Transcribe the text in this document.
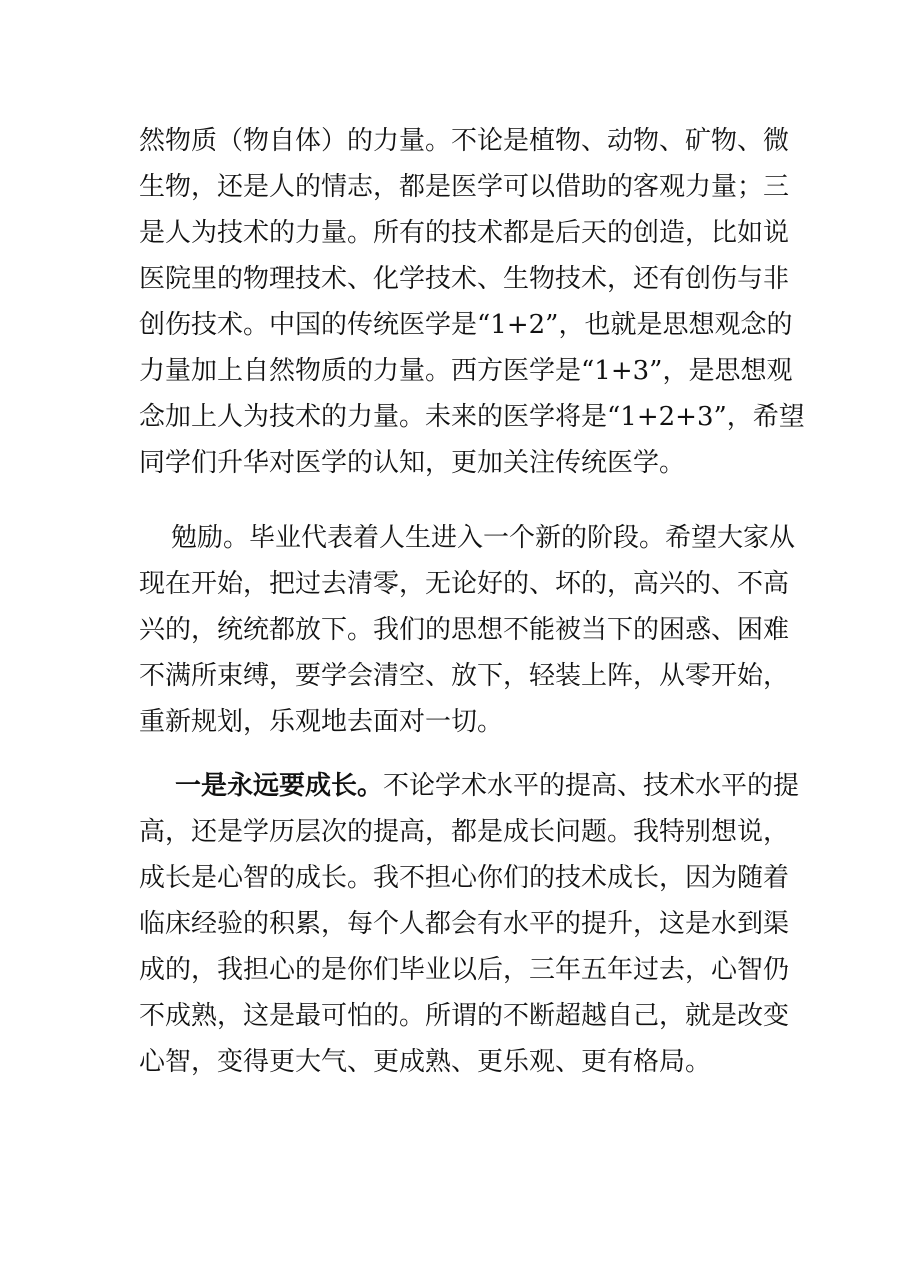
然物质（物自体）的力量。不论是植物、动物、矿物、微
生物，还是人的情志，都是医学可以借助的客观力量；三
是人为技术的力量。所有的技术都是后天的创造，比如说
医院里的物理技术、化学技术、生物技术，还有创伤与非
创伤技术。中国的传统医学是“1+2”，也就是思想观念的
力量加上自然物质的力量。西方医学是“1+3”，是思想观
念加上人为技术的力量。未来的医学将是“1+2+3”，希望
同学们升华对医学的认知，更加关注传统医学。
勉励。毕业代表着人生进入一个新的阶段。希望大家从
现在开始，把过去清零，无论好的、坏的，高兴的、不高
兴的，统统都放下。我们的思想不能被当下的困惑、困难
不满所束缚，要学会清空、放下，轻装上阵，从零开始，
重新规划，乐观地去面对一切。
一是永远要成长。不论学术水平的提高、技术水平的提
高，还是学历层次的提高，都是成长问题。我特别想说，
成长是心智的成长。我不担心你们的技术成长，因为随着
临床经验的积累，每个人都会有水平的提升，这是水到渠
成的，我担心的是你们毕业以后，三年五年过去，心智仍
不成熟，这是最可怕的。所谓的不断超越自己，就是改变
心智，变得更大气、更成熟、更乐观、更有格局。
